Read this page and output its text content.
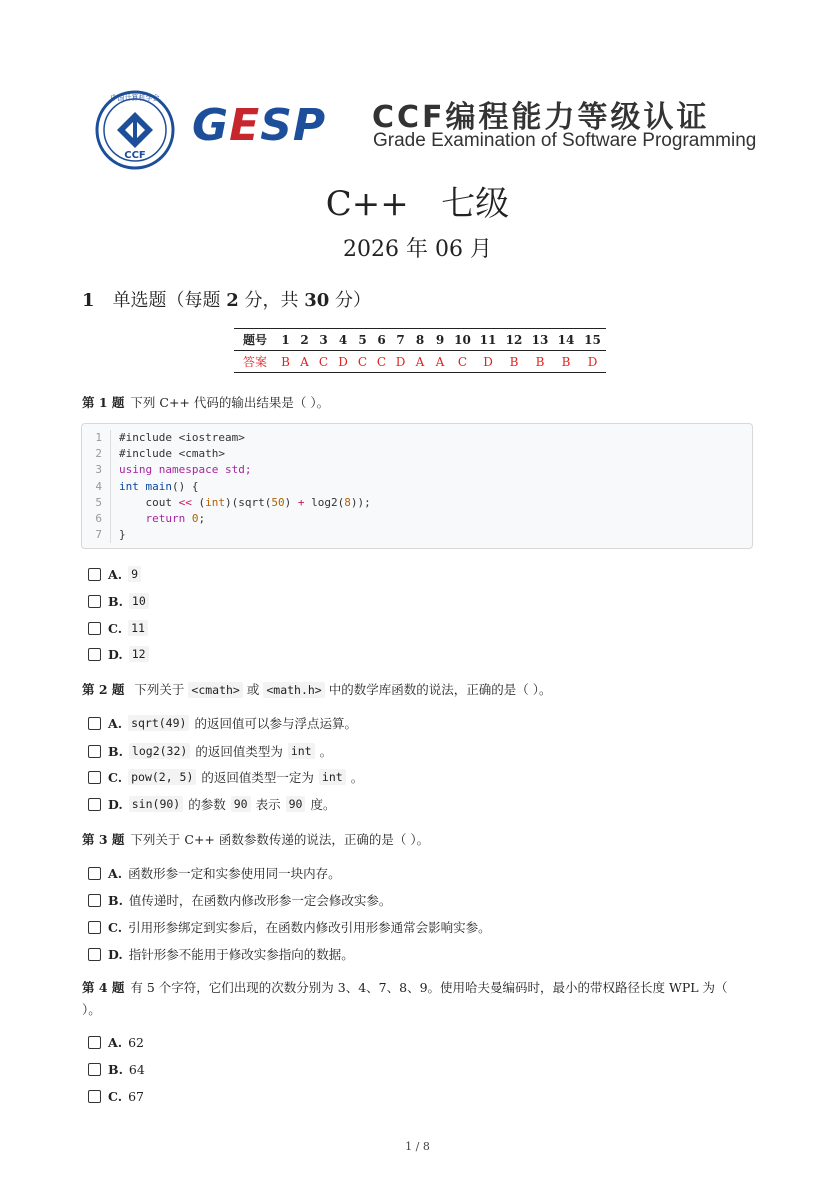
中国计算机学会
CCF
GESP CCF编程能力等级认证
Grade Examination of Software Programming
C++   七级
2026 年 06 月
1 单选题（每题 2 分，共 30 分）
题号	1	2	3	4	5	6	7	8	9	10	11	12	13	14	15
答案	B	A	C	D	C	C	D	A	A	C	D	B	B	B	D
第 1 题 下列 C++ 代码的输出结果是（ ）。
1	#include <iostream>
2	#include <cmath>
3	using namespace std;
4	int main() {
5	cout << (int)(sqrt(50) + log2(8));
6	return 0;
7	}
第 2 题 下列关于 <cmath> 或 <math.h> 中的数学库函数的说法，正确的是（ ）。
第 3 题 下列关于 C++ 函数参数传递的说法，正确的是（ ）。
第 4 题 有 5 个字符，它们出现的次数分别为 3、4、7、8、9。使用哈夫曼编码时，最小的带权路径长度 WPL 为（
）。
1 / 8
A. 9
B. 10
C. 11
D. 12
A. sqrt(49) 的返回值可以参与浮点运算。
B. log2(32) 的返回值类型为 int 。
C. pow(2, 5) 的返回值类型一定为 int 。
D. sin(90) 的参数 90 表示 90 度。
A. 函数形参一定和实参使用同一块内存。
B. 值传递时，在函数内修改形参一定会修改实参。
C. 引用形参绑定到实参后，在函数内修改引用形参通常会影响实参。
D. 指针形参不能用于修改实参指向的数据。
A. 62
B. 64
C. 67
